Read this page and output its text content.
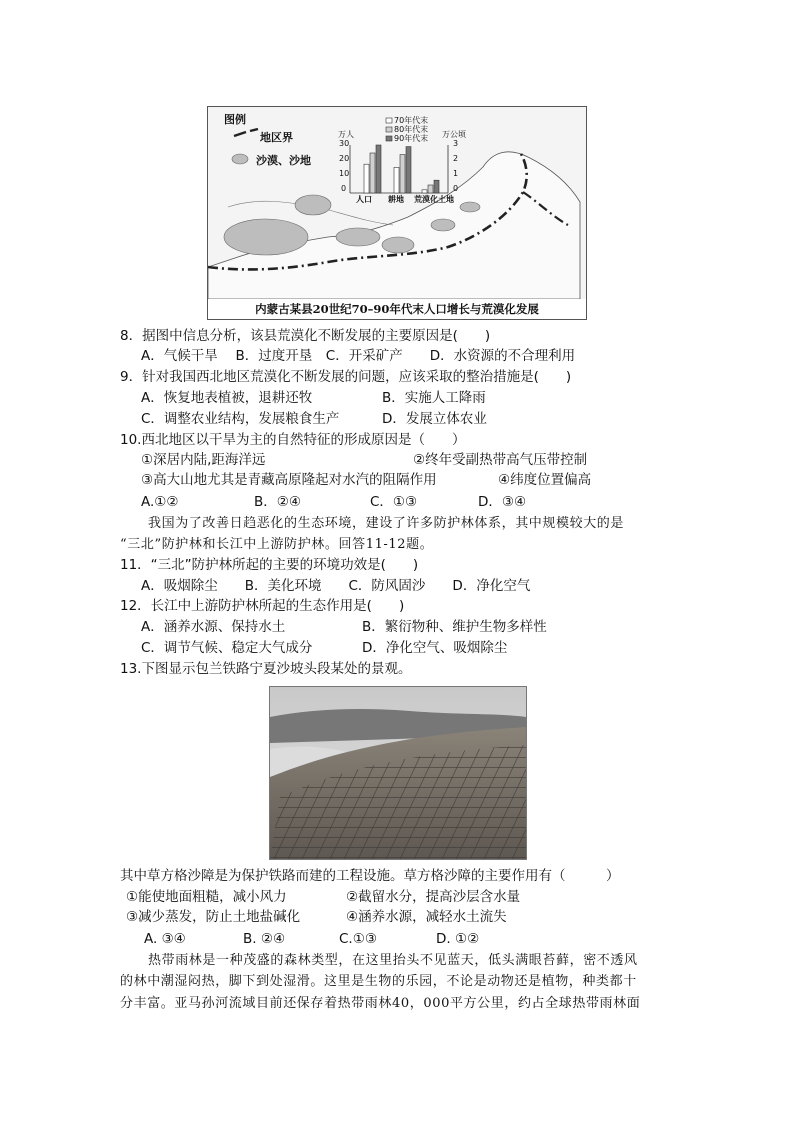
图例
地区界
沙漠、沙地
万人	万公顷
70年代末
80年代末
90年代末
30
20
10
0
3
2
1
0
人口 耕地 荒漠化土地
内蒙古某县20世纪70–90年代末人口增长与荒漠化发展
8．据图中信息分析，该县荒漠化不断发展的主要原因是(　　)
A．气候干旱　 B．过度开垦　C．开采矿产　　D．水资源的不合理利用
9．针对我国西北地区荒漠化不断发展的问题，应该采取的整治措施是(　　)
A．恢复地表植被，退耕还牧	B．实施人工降雨
C．调整农业结构，发展粮食生产	D．发展立体农业
10.西北地区以干旱为主的自然特征的形成原因是（　　）
①深居内陆,距海洋远	②终年受副热带高气压带控制
③高大山地尤其是青藏高原隆起对水汽的阻隔作用	④纬度位置偏高
A.①②	B．②④	C．①③	D．③④
我国为了改善日趋恶化的生态环境，建设了许多防护林体系，其中规模较大的是
“三北”防护林和长江中上游防护林。回答11-12题。
11．“三北”防护林所起的主要的环境功效是(　　)
A．吸烟除尘　　B．美化环境　　C．防风固沙　　D．净化空气
12．长江中上游防护林所起的生态作用是(　　)
A．涵养水源、保持水土	B．繁衍物种、维护生物多样性
C．调节气候、稳定大气成分	D．净化空气、吸烟除尘
13.下图显示包兰铁路宁夏沙坡头段某处的景观。
其中草方格沙障是为保护铁路而建的工程设施。草方格沙障的主要作用有（　　　）
①能使地面粗糙，减小风力	②截留水分，提高沙层含水量
③减少蒸发，防止土地盐碱化	④涵养水源，减轻水土流失
A. ③④	B. ②④	C.①③	D. ①②
热带雨林是一种茂盛的森林类型，在这里抬头不见蓝天，低头满眼苔藓，密不透风
的林中潮湿闷热，脚下到处湿滑。这里是生物的乐园，不论是动物还是植物，种类都十
分丰富。亚马孙河流域目前还保存着热带雨林40，000平方公里，约占全球热带雨林面
